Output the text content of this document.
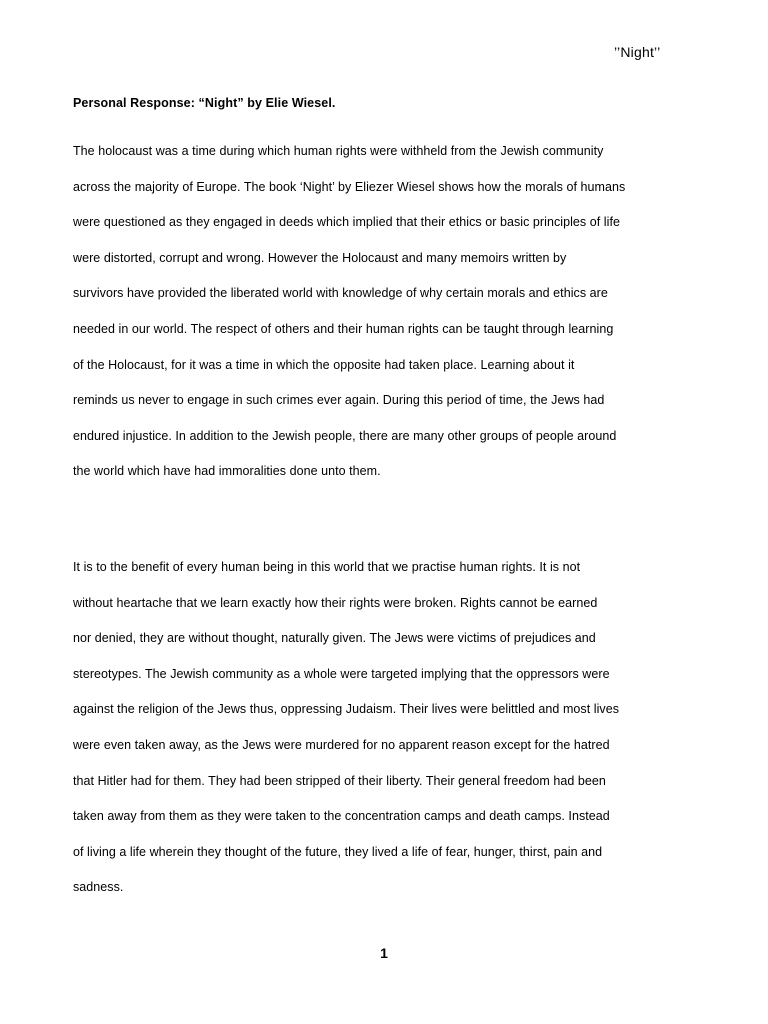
’’Night’’
Personal Response: “Night” by Elie Wiesel.
The holocaust was a time during which human rights were withheld from the Jewish community
across the majority of Europe. The book ‘Night’ by Eliezer Wiesel shows how the morals of humans
were questioned as they engaged in deeds which implied that their ethics or basic principles of life
were distorted, corrupt and wrong. However the Holocaust and many memoirs written by
survivors have provided the liberated world with knowledge of why certain morals and ethics are
needed in our world. The respect of others and their human rights can be taught through learning
of the Holocaust, for it was a time in which the opposite had taken place. Learning about it
reminds us never to engage in such crimes ever again. During this period of time, the Jews had
endured injustice. In addition to the Jewish people, there are many other groups of people around
the world which have had immoralities done unto them.
It is to the benefit of every human being in this world that we practise human rights. It is not
without heartache that we learn exactly how their rights were broken. Rights cannot be earned
nor denied, they are without thought, naturally given. The Jews were victims of prejudices and
stereotypes. The Jewish community as a whole were targeted implying that the oppressors were
against the religion of the Jews thus, oppressing Judaism. Their lives were belittled and most lives
were even taken away, as the Jews were murdered for no apparent reason except for the hatred
that Hitler had for them. They had been stripped of their liberty. Their general freedom had been
taken away from them as they were taken to the concentration camps and death camps. Instead
of living a life wherein they thought of the future, they lived a life of fear, hunger, thirst, pain and
sadness.
1
